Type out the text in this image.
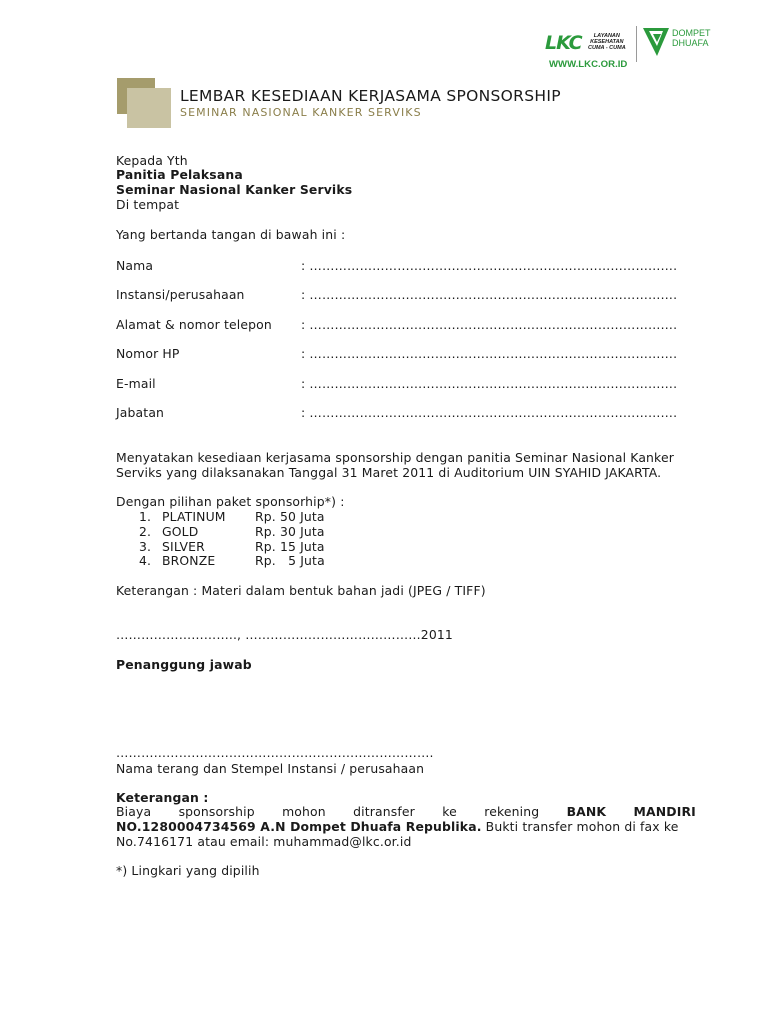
LKC	LAYANAN
KESEHATAN
CUMA - CUMA
DOMPET
DHUAFA
WWW.LKC.OR.ID
LEMBAR KESEDIAAN KERJASAMA SPONSORSHIP
SEMINAR NASIONAL KANKER SERVIKS
Kepada Yth
Panitia Pelaksana
Seminar Nasional Kanker Serviks
Di tempat
Yang bertanda tangan di bawah ini :
Nama	: …………………………………………………………………………….
Instansi/perusahaan	: …………………………………………………………………………….
Alamat & nomor telepon : …………………………………………………………………………….
Nomor HP	: …………………………………………………………………………….
E-mail	: …………………………………………………………………………….
Jabatan	: …………………………………………………………………………….
Menyatakan kesediaan kerjasama sponsorship dengan panitia Seminar Nasional Kanker
Serviks yang dilaksanakan Tanggal 31 Maret 2011 di Auditorium UIN SYAHID JAKARTA.
Dengan pilihan paket sponsorhip*) :
1. PLATINUM Rp. 50 Juta
2. GOLD	Rp. 30 Juta
3. SILVER	Rp. 15 Juta
4. BRONZE	Rp.   5 Juta
Keterangan : Materi dalam bentuk bahan jadi (JPEG / TIFF)
……………………….., ……………………………………2011
Penanggung jawab
………………………………………………………………….
Nama terang dan Stempel Instansi / perusahaan
Keterangan :
Biaya sponsorship mohon ditransfer ke rekening BANK MANDIRI
NO.1280004734569 A.N Dompet Dhuafa Republika. Bukti transfer mohon di fax ke
No.7416171 atau email: muhammad@lkc.or.id
*) Lingkari yang dipilih
